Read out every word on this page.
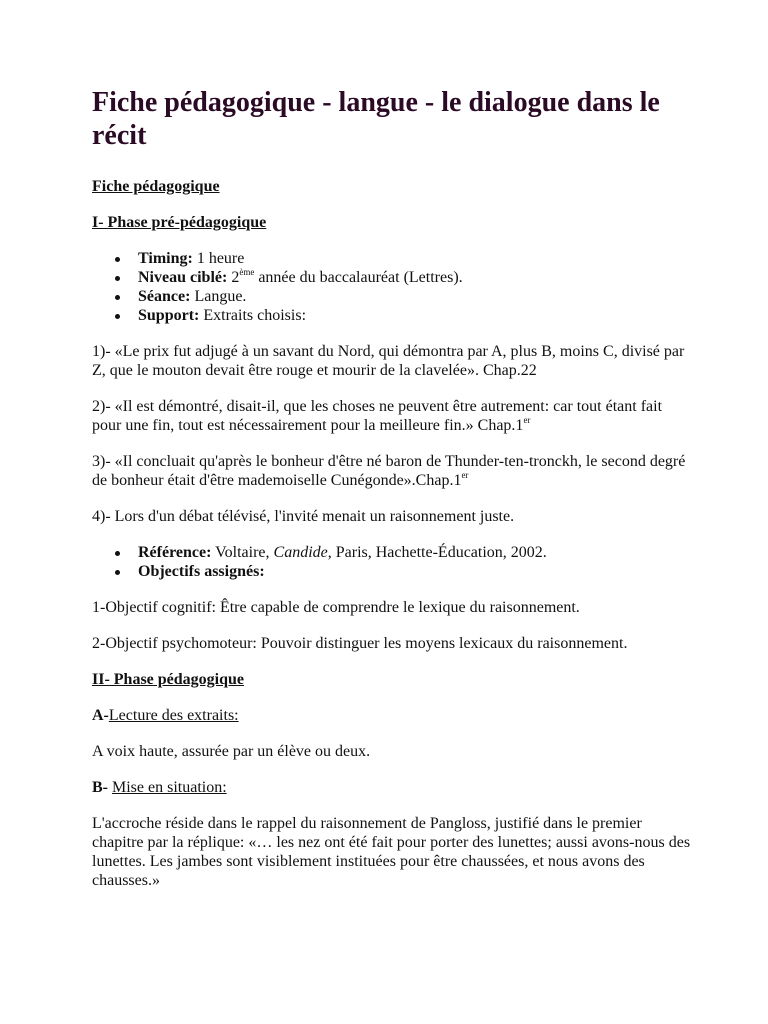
Fiche pédagogique - langue - le dialogue dans le récit

Fiche pédagogique

I- Phase pré-pédagogique

Timing: 1 heure
Niveau ciblé: 2ème année du baccalauréat (Lettres).
Séance: Langue.
Support: Extraits choisis:

1)- «Le prix fut adjugé à un savant du Nord, qui démontra par A, plus B, moins C, divisé par Z, que le mouton devait être rouge et mourir de la clavelée». Chap.22

2)- «Il est démontré, disait-il, que les choses ne peuvent être autrement: car tout étant fait pour une fin, tout est nécessairement pour la meilleure fin.» Chap.1er

3)- «Il concluait qu'après le bonheur d'être né baron de Thunder-ten-tronckh, le second degré de bonheur était d'être mademoiselle Cunégonde».Chap.1er

4)- Lors d'un débat télévisé, l'invité menait un raisonnement juste.

Référence: Voltaire, Candide, Paris, Hachette-Éducation, 2002.
Objectifs assignés:

1-Objectif cognitif: Être capable de comprendre le lexique du raisonnement.

2-Objectif psychomoteur: Pouvoir distinguer les moyens lexicaux du raisonnement.

II- Phase pédagogique

A-Lecture des extraits:

A voix haute, assurée par un élève ou deux.

B- Mise en situation:

L'accroche réside dans le rappel du raisonnement de Pangloss, justifié dans le premier chapitre par la réplique: «… les nez ont été fait pour porter des lunettes; aussi avons-nous des lunettes. Les jambes sont visiblement instituées pour être chaussées, et nous avons des chausses.»
